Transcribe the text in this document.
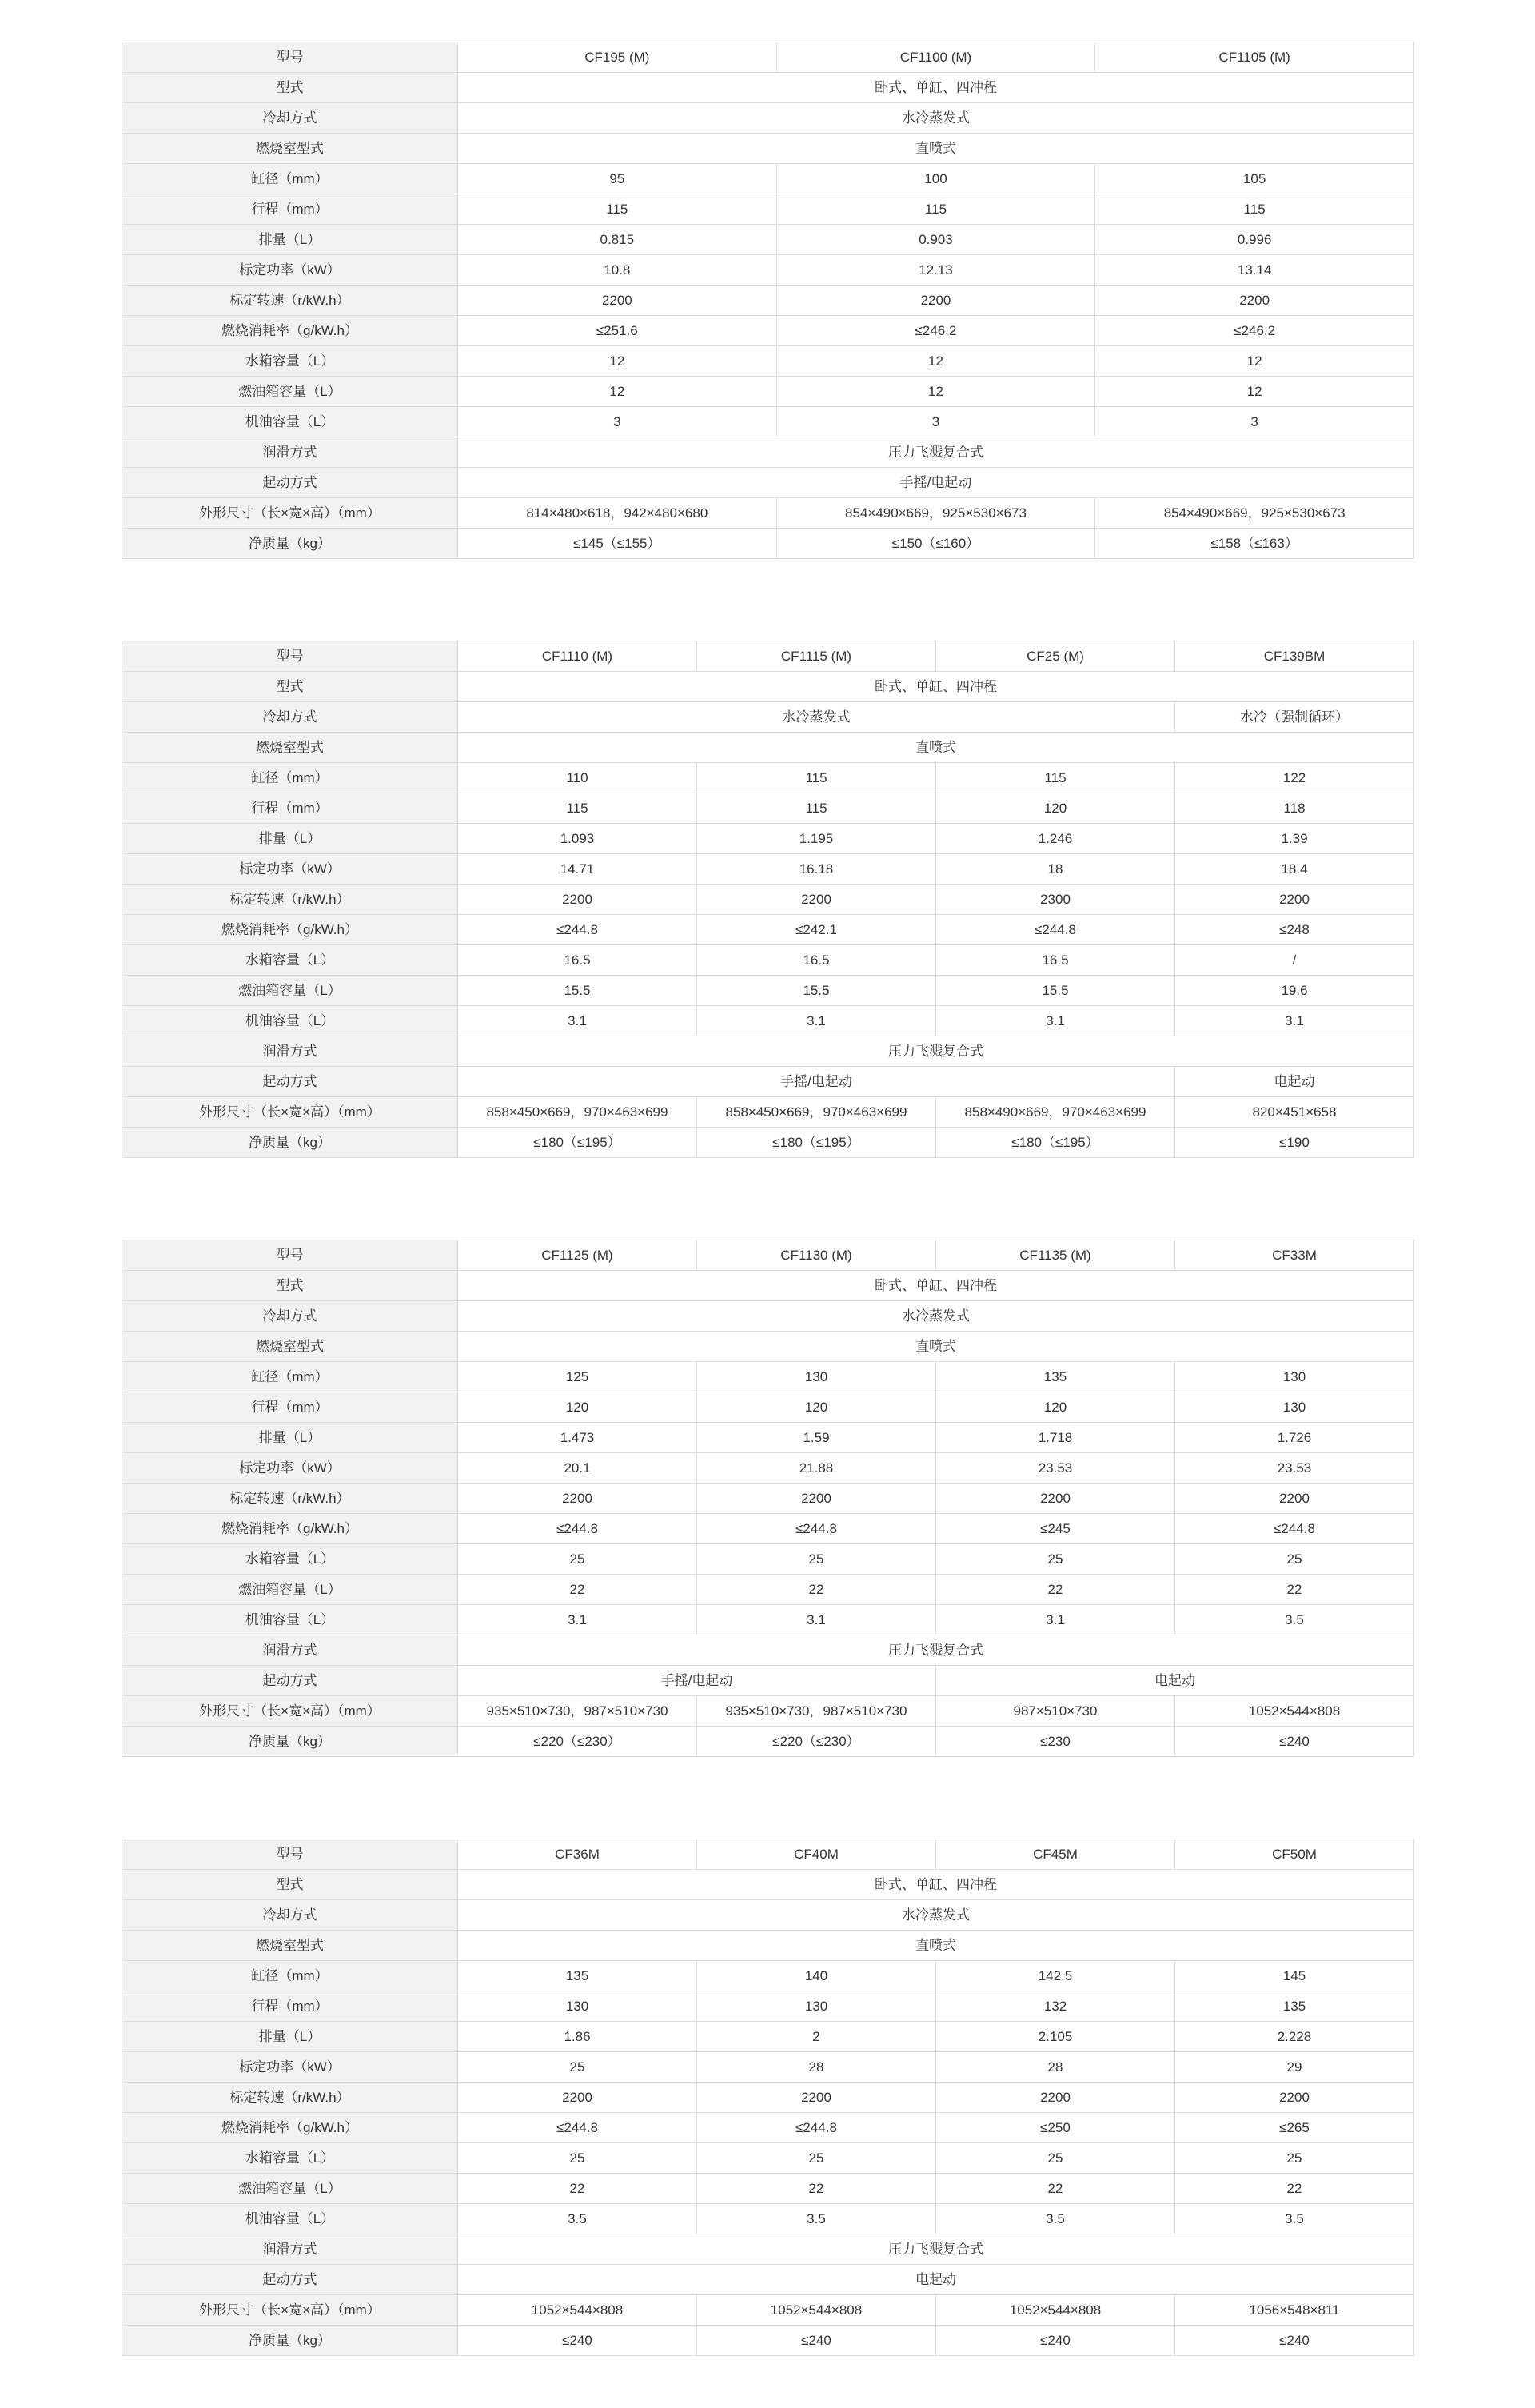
型号	CF195 (M)	CF1100 (M)	CF1105 (M)
型式	卧式、单缸、四冲程		
冷却方式	水冷蒸发式		
燃烧室型式	直喷式		
缸径（mm）	95	100	105
行程（mm）	115	115	115
排量（L）	0.815	0.903	0.996
标定功率（kW）	10.8	12.13	13.14
标定转速（r/kW.h）	2200	2200	2200
燃烧消耗率（g/kW.h）	≤251.6	≤246.2	≤246.2
水箱容量（L）	12	12	12
燃油箱容量（L）	12	12	12
机油容量（L）	3	3	3
润滑方式	压力飞溅复合式		
起动方式	手摇/电起动		
外形尺寸（长×宽×高）（mm）	814×480×618，942×480×680	854×490×669，925×530×673	854×490×669，925×530×673
净质量（kg）	≤145（≤155）	≤150（≤160）	≤158（≤163）
型号	CF1110 (M)	CF1115 (M)	CF25 (M)	CF139BM
型式	卧式、单缸、四冲程			
冷却方式	水冷蒸发式			水冷（强制循环）
燃烧室型式	直喷式			
缸径（mm）	110	115	115	122
行程（mm）	115	115	120	118
排量（L）	1.093	1.195	1.246	1.39
标定功率（kW）	14.71	16.18	18	18.4
标定转速（r/kW.h）	2200	2200	2300	2200
燃烧消耗率（g/kW.h）	≤244.8	≤242.1	≤244.8	≤248
水箱容量（L）	16.5	16.5	16.5	/
燃油箱容量（L）	15.5	15.5	15.5	19.6
机油容量（L）	3.1	3.1	3.1	3.1
润滑方式	压力飞溅复合式			
起动方式	手摇/电起动			电起动
外形尺寸（长×宽×高）（mm）	858×450×669，970×463×699	858×450×669，970×463×699	858×490×669，970×463×699	820×451×658
净质量（kg）	≤180（≤195）	≤180（≤195）	≤180（≤195）	≤190
型号	CF1125 (M)	CF1130 (M)	CF1135 (M)	CF33M
型式	卧式、单缸、四冲程			
冷却方式	水冷蒸发式			
燃烧室型式	直喷式			
缸径（mm）	125	130	135	130
行程（mm）	120	120	120	130
排量（L）	1.473	1.59	1.718	1.726
标定功率（kW）	20.1	21.88	23.53	23.53
标定转速（r/kW.h）	2200	2200	2200	2200
燃烧消耗率（g/kW.h）	≤244.8	≤244.8	≤245	≤244.8
水箱容量（L）	25	25	25	25
燃油箱容量（L）	22	22	22	22
机油容量（L）	3.1	3.1	3.1	3.5
润滑方式	压力飞溅复合式			
起动方式	手摇/电起动		电起动	
外形尺寸（长×宽×高）（mm）	935×510×730，987×510×730	935×510×730，987×510×730	987×510×730	1052×544×808
净质量（kg）	≤220（≤230）	≤220（≤230）	≤230	≤240
型号	CF36M	CF40M	CF45M	CF50M
型式	卧式、单缸、四冲程			
冷却方式	水冷蒸发式			
燃烧室型式	直喷式			
缸径（mm）	135	140	142.5	145
行程（mm）	130	130	132	135
排量（L）	1.86	2	2.105	2.228
标定功率（kW）	25	28	28	29
标定转速（r/kW.h）	2200	2200	2200	2200
燃烧消耗率（g/kW.h）	≤244.8	≤244.8	≤250	≤265
水箱容量（L）	25	25	25	25
燃油箱容量（L）	22	22	22	22
机油容量（L）	3.5	3.5	3.5	3.5
润滑方式	压力飞溅复合式			
起动方式	电起动			
外形尺寸（长×宽×高）（mm）	1052×544×808	1052×544×808	1052×544×808	1056×548×811
净质量（kg）	≤240	≤240	≤240	≤240
